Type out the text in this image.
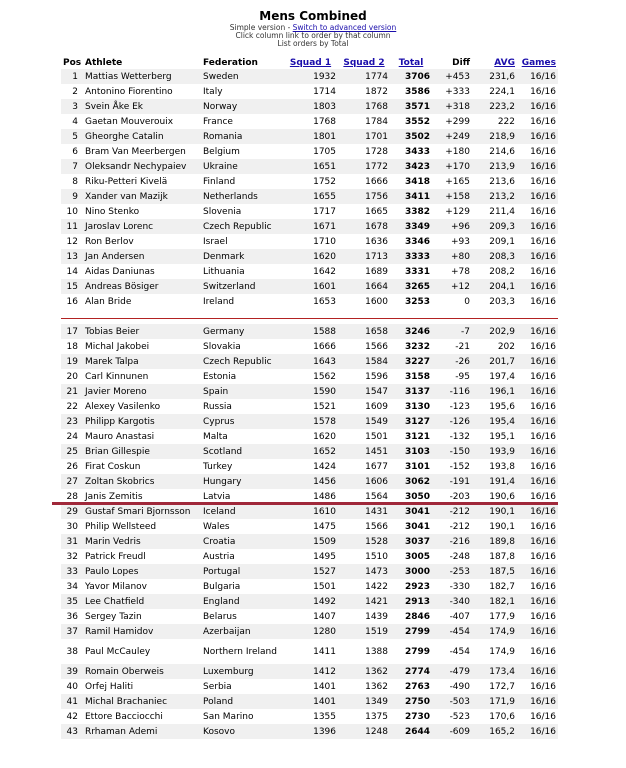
Mens Combined
Simple version - Switch to advanced version
Click column link to order by that column
List orders by Total
Pos	Athlete	Federation	Squad 1	Squad 2	Total	Diff	AVG	Games
1	Mattias Wetterberg	Sweden	1932	1774	3706	+453	231,6	16/16
2	Antonino Fiorentino	Italy	1714	1872	3586	+333	224,1	16/16
3	Svein Åke Ek	Norway	1803	1768	3571	+318	223,2	16/16
4	Gaetan Mouverouix	France	1768	1784	3552	+299	222	16/16
5	Gheorghe Catalin	Romania	1801	1701	3502	+249	218,9	16/16
6	Bram Van Meerbergen	Belgium	1705	1728	3433	+180	214,6	16/16
7	Oleksandr Nechypaiev	Ukraine	1651	1772	3423	+170	213,9	16/16
8	Riku-Petteri Kivelä	Finland	1752	1666	3418	+165	213,6	16/16
9	Xander van Mazijk	Netherlands	1655	1756	3411	+158	213,2	16/16
10	Nino Stenko	Slovenia	1717	1665	3382	+129	211,4	16/16
11	Jaroslav Lorenc	Czech Republic	1671	1678	3349	+96	209,3	16/16
12	Ron Berlov	Israel	1710	1636	3346	+93	209,1	16/16
13	Jan Andersen	Denmark	1620	1713	3333	+80	208,3	16/16
14	Aidas Daniunas	Lithuania	1642	1689	3331	+78	208,2	16/16
15	Andreas Bösiger	Switzerland	1601	1664	3265	+12	204,1	16/16
16	Alan Bride	Ireland	1653	1600	3253	0	203,3	16/16

17	Tobias Beier	Germany	1588	1658	3246	-7	202,9	16/16
18	Michal Jakobei	Slovakia	1666	1566	3232	-21	202	16/16
19	Marek Talpa	Czech Republic	1643	1584	3227	-26	201,7	16/16
20	Carl Kinnunen	Estonia	1562	1596	3158	-95	197,4	16/16
21	Javier Moreno	Spain	1590	1547	3137	-116	196,1	16/16
22	Alexey Vasilenko	Russia	1521	1609	3130	-123	195,6	16/16
23	Philipp Kargotis	Cyprus	1578	1549	3127	-126	195,4	16/16
24	Mauro Anastasi	Malta	1620	1501	3121	-132	195,1	16/16
25	Brian Gillespie	Scotland	1652	1451	3103	-150	193,9	16/16
26	Firat Coskun	Turkey	1424	1677	3101	-152	193,8	16/16
27	Zoltan Skobrics	Hungary	1456	1606	3062	-191	191,4	16/16
28	Janis Zemitis	Latvia	1486	1564	3050	-203	190,6	16/16
29	Gustaf Smari Bjornsson	Iceland	1610	1431	3041	-212	190,1	16/16
30	Philip Wellsteed	Wales	1475	1566	3041	-212	190,1	16/16
31	Marin Vedris	Croatia	1509	1528	3037	-216	189,8	16/16
32	Patrick Freudl	Austria	1495	1510	3005	-248	187,8	16/16
33	Paulo Lopes	Portugal	1527	1473	3000	-253	187,5	16/16
34	Yavor Milanov	Bulgaria	1501	1422	2923	-330	182,7	16/16
35	Lee Chatfield	England	1492	1421	2913	-340	182,1	16/16
36	Sergey Tazin	Belarus	1407	1439	2846	-407	177,9	16/16
37	Ramil Hamidov	Azerbaijan	1280	1519	2799	-454	174,9	16/16
38	Paul McCauley	Northern Ireland	1411	1388	2799	-454	174,9	16/16
39	Romain Oberweis	Luxemburg	1412	1362	2774	-479	173,4	16/16
40	Orfej Haliti	Serbia	1401	1362	2763	-490	172,7	16/16
41	Michal Brachaniec	Poland	1401	1349	2750	-503	171,9	16/16
42	Ettore Bacciocchi	San Marino	1355	1375	2730	-523	170,6	16/16
43	Rrhaman Ademi	Kosovo	1396	1248	2644	-609	165,2	16/16
